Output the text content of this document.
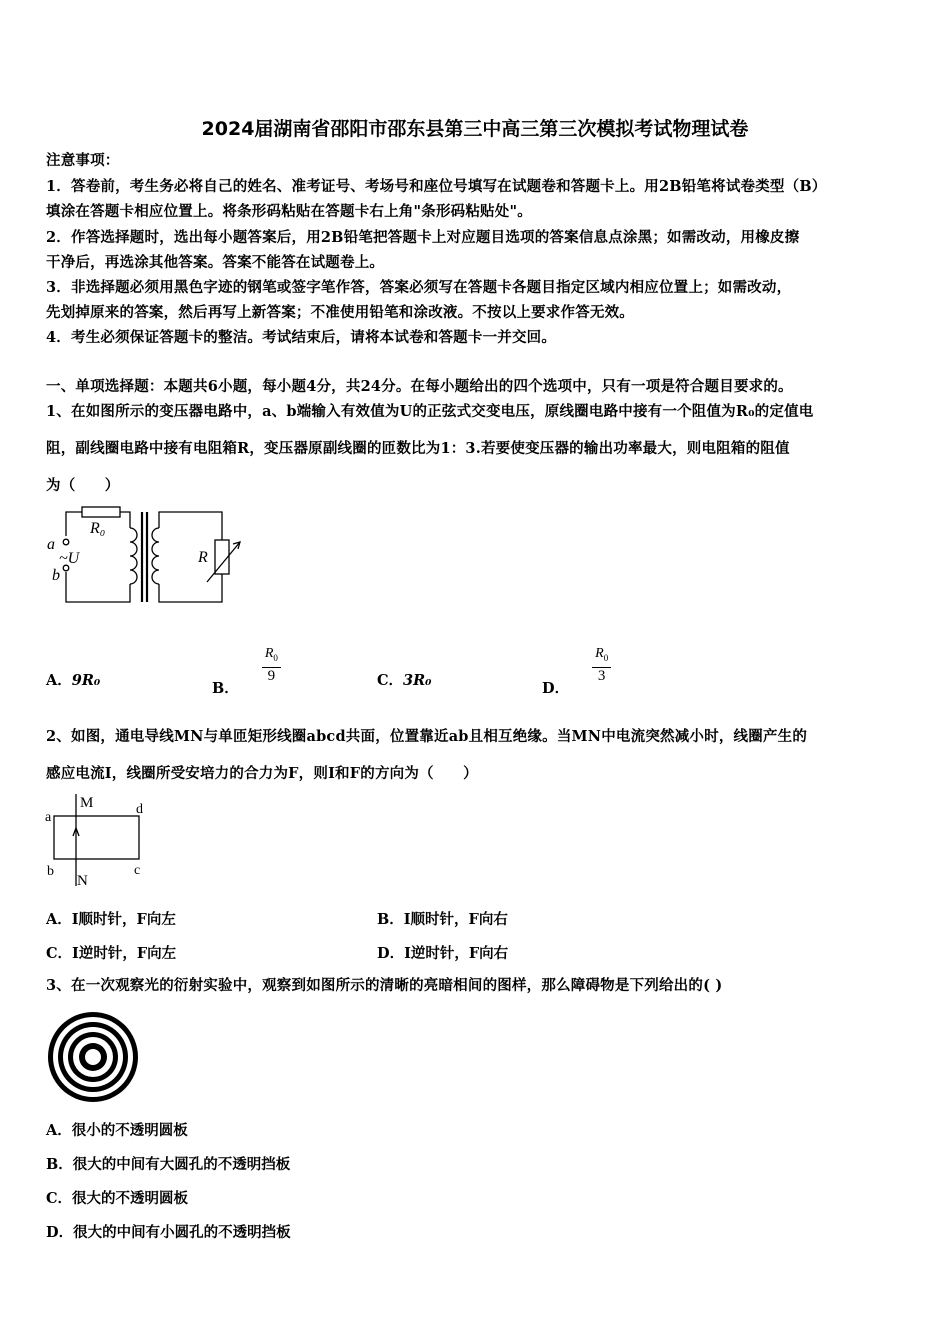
2024届湖南省邵阳市邵东县第三中高三第三次模拟考试物理试卷
注意事项：
1．答卷前，考生务必将自己的姓名、准考证号、考场号和座位号填写在试题卷和答题卡上。用2B铅笔将试卷类型（B）
填涂在答题卡相应位置上。将条形码粘贴在答题卡右上角"条形码粘贴处"。
2．作答选择题时，选出每小题答案后，用2B铅笔把答题卡上对应题目选项的答案信息点涂黑；如需改动，用橡皮擦
干净后，再选涂其他答案。答案不能答在试题卷上。
3．非选择题必须用黑色字迹的钢笔或签字笔作答，答案必须写在答题卡各题目指定区域内相应位置上；如需改动，
先划掉原来的答案，然后再写上新答案；不准使用铅笔和涂改液。不按以上要求作答无效。
4．考生必须保证答题卡的整洁。考试结束后，请将本试卷和答题卡一并交回。
一、单项选择题：本题共6小题，每小题4分，共24分。在每小题给出的四个选项中，只有一项是符合题目要求的。
1、在如图所示的变压器电路中，a、b端输入有效值为U的正弦式交变电压，原线圈电路中接有一个阻值为R₀的定值电
阻，副线圈电路中接有电阻箱R，变压器原副线圈的匝数比为1：3.若要使变压器的输出功率最大，则电阻箱的阻值
为（　　）
R₀
a
b
~U	R
A．9R₀	B．
$\frac{R_0}{9}$	C．3R₀	D．
$\frac{R_0}{3}$
2、如图，通电导线MN与单匝矩形线圈abcd共面，位置靠近ab且相互绝缘。当MN中电流突然减小时，线圈产生的
感应电流I，线圈所受安培力的合力为F，则I和F的方向为（　　）
M
N
a
b	c
d
A．I顺时针，F向左	B．I顺时针，F向右
C．I逆时针，F向左	D．I逆时针，F向右
3、在一次观察光的衍射实验中，观察到如图所示的清晰的亮暗相间的图样，那么障碍物是下列给出的( )
A．很小的不透明圆板
B．很大的中间有大圆孔的不透明挡板
C．很大的不透明圆板
D．很大的中间有小圆孔的不透明挡板
